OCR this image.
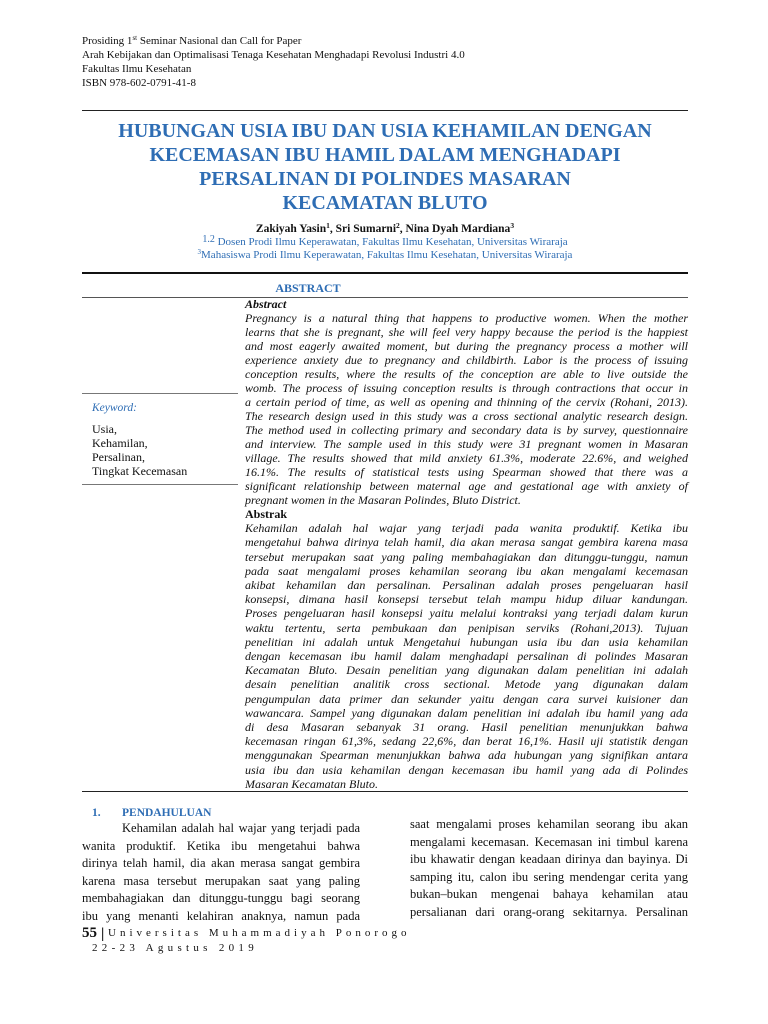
Prosiding 1st Seminar Nasional dan Call for Paper
Arah Kebijakan dan Optimalisasi Tenaga Kesehatan Menghadapi Revolusi Industri 4.0
Fakultas Ilmu Kesehatan
ISBN 978-602-0791-41-8
HUBUNGAN USIA IBU DAN USIA KEHAMILAN DENGAN
KECEMASAN IBU HAMIL DALAM MENGHADAPI
PERSALINAN DI POLINDES MASARAN
KECAMATAN BLUTO
Zakiyah Yasin$^1$, Sri Sumarni$^2$, Nina Dyah Mardiana$^3$
1.2 Dosen Prodi Ilmu Keperawatan, Fakultas Ilmu Kesehatan, Universitas Wiraraja
$^3$Mahasiswa Prodi Ilmu Keperawatan, Fakultas Ilmu Kesehatan, Universitas Wiraraja
ABSTRACT
Keyword:
Usia,
Kehamilan,
Persalinan,
Tingkat Kecemasan
Abstract
Pregnancy is a natural thing that happens to productive women. When the mother
learns that she is pregnant, she will feel very happy because the period is the happiest
and most eagerly awaited moment, but during the pregnancy process a mother will
experience anxiety due to pregnancy and childbirth. Labor is the process of issuing
conception results, where the results of the conception are able to live outside the
womb. The process of issuing conception results is through contractions that occur in
a certain period of time, as well as opening and thinning of the cervix (Rohani, 2013).
The research design used in this study was a cross sectional analytic research design.
The method used in collecting primary and secondary data is by survey, questionnaire
and interview. The sample used in this study were 31 pregnant women in Masaran
village. The results showed that mild anxiety 61.3%, moderate 22.6%, and weighed
16.1%. The results of statistical tests using Spearman showed that there was a
significant relationship between maternal age and gestational age with anxiety of
pregnant women in the Masaran Polindes, Bluto District.
Abstrak
Kehamilan adalah hal wajar yang terjadi pada wanita produktif. Ketika ibu
mengetahui bahwa dirinya telah hamil, dia akan merasa sangat gembira karena masa
tersebut merupakan saat yang paling membahagiakan dan ditunggu-tunggu, namun
pada saat mengalami proses kehamilan seorang ibu akan mengalami kecemasan
akibat kehamilan dan persalinan. Persalinan adalah proses pengeluaran hasil
konsepsi, dimana hasil konsepsi tersebut telah mampu hidup diluar kandungan.
Proses pengeluaran hasil konsepsi yaitu melalui kontraksi yang terjadi dalam kurun
waktu tertentu, serta pembukaan dan penipisan serviks (Rohani,2013). Tujuan
penelitian ini adalah untuk Mengetahui hubungan usia ibu dan usia kehamilan
dengan kecemasan ibu hamil dalam menghadapi persalinan di polindes Masaran
Kecamatan Bluto. Desain penelitian yang digunakan dalam penelitian ini adalah
desain penelitian analitik cross sectional. Metode yang digunakan dalam
pengumpulan data primer dan sekunder yaitu dengan cara survei kuisioner dan
wawancara. Sampel yang digunakan dalam penelitian ini adalah ibu hamil yang ada
di desa Masaran sebanyak 31 orang. Hasil penelitian menunjukkan bahwa
kecemasan ringan 61,3%, sedang 22,6%, dan berat 16,1%. Hasil uji statistik dengan
menggunakan Spearman menunjukkan bahwa ada hubungan yang signifikan antara
usia ibu dan usia kehamilan dengan kecemasan ibu hamil yang ada di Polindes
Masaran Kecamatan Bluto.
1. PENDAHULUAN
Kehamilan adalah hal wajar yang terjadi pada
wanita produktif. Ketika ibu mengetahui bahwa
dirinya telah hamil, dia akan merasa sangat gembira
karena masa tersebut merupakan saat yang paling
membahagiakan dan ditunggu-tunggu bagi seorang
ibu yang menanti kelahiran anaknya, namun pada
saat mengalami proses kehamilan seorang ibu akan
mengalami kecemasan. Kecemasan ini timbul karena
ibu khawatir dengan keadaan dirinya dan bayinya. Di
samping itu, calon ibu sering mendengar cerita yang
bukan–bukan mengenai bahaya kehamilan atau
persalianan dari orang-orang sekitarnya. Persalinan
55 | Universitas Muhammadiyah Ponorogo
22-23 Agustus 2019
